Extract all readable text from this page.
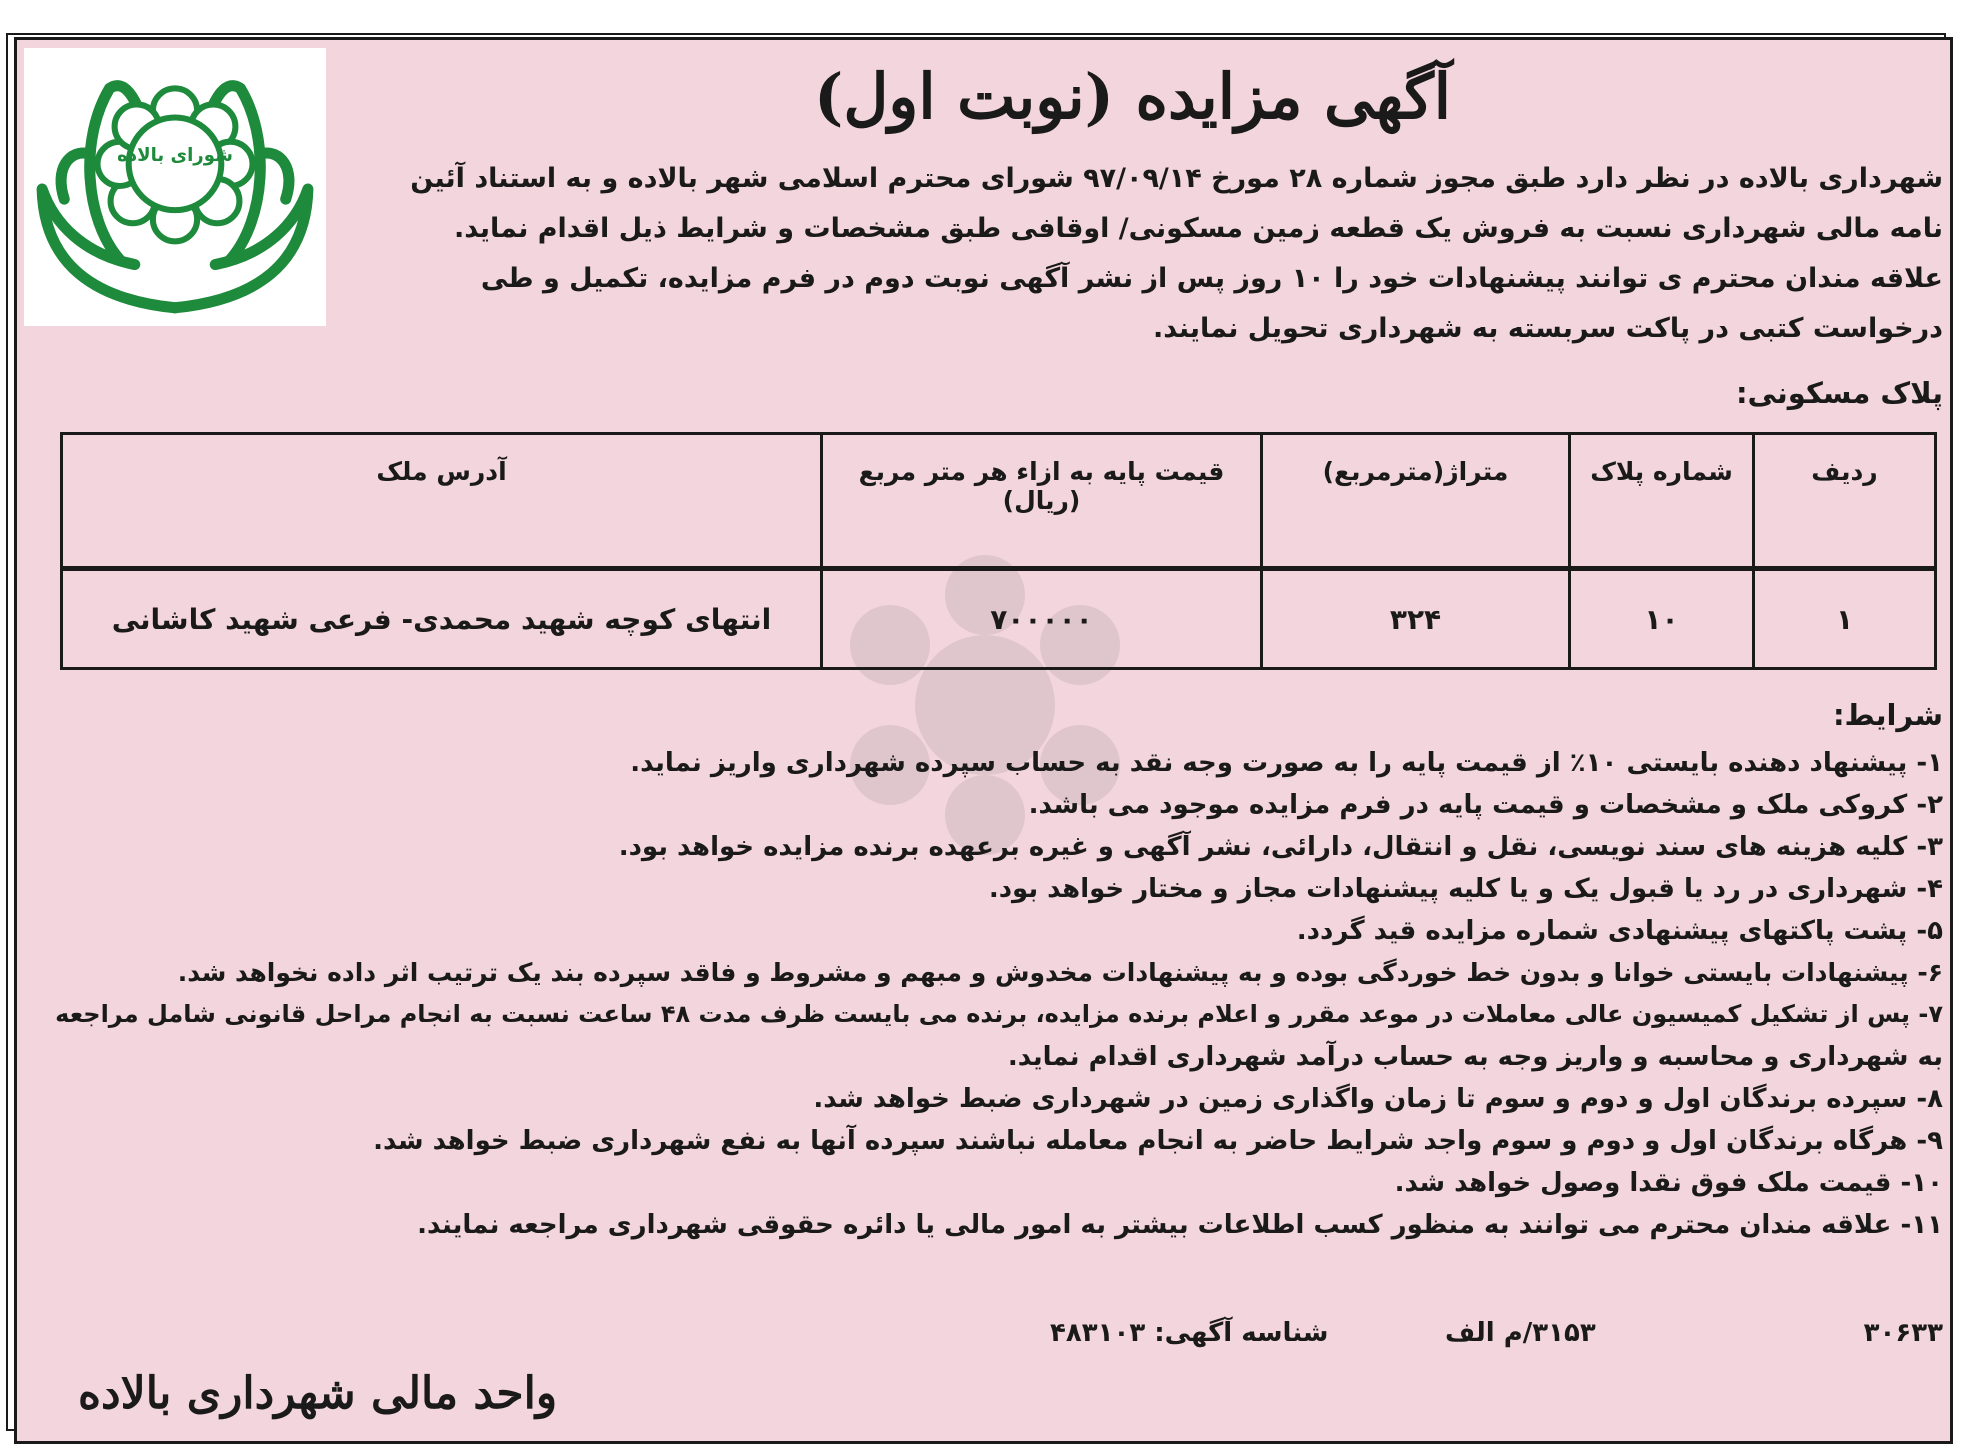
شورای بالاده
آگهی مزایده (نوبت اول)
شهرداری بالاده در نظر دارد طبق مجوز شماره ۲۸ مورخ ۹۷/۰۹/۱۴ شورای محترم اسلامی شهر بالاده و به استناد آئین
نامه مالی شهرداری نسبت به فروش یک قطعه زمین مسکونی/ اوقافی طبق مشخصات و شرایط ذیل اقدام نماید.
علاقه مندان محترم ی توانند پیشنهادات خود را ۱۰ روز پس از نشر آگهی نوبت دوم در فرم مزایده، تکمیل و طی
درخواست کتبی در پاکت سربسته به شهرداری تحویل نمایند.
پلاک مسکونی:
ردیف	شماره پلاک	متراژ(مترمربع)	قیمت پایه به ازاء هر متر مربع (ریال)	آدرس ملک
۱	۱۰	۳۲۴	۷۰۰۰۰۰	انتهای کوچه شهید محمدی- فرعی شهید کاشانی
شرایط:
۱- پیشنهاد دهنده بایستی ۱۰٪ از قیمت پایه را به صورت وجه نقد به حساب سپرده شهرداری واریز نماید.
۲- کروکی ملک و مشخصات و قیمت پایه در فرم مزایده موجود می باشد.
۳- کلیه هزینه های سند نویسی، نقل و انتقال، دارائی، نشر آگهی و غیره برعهده برنده مزایده خواهد بود.
۴- شهرداری در رد یا قبول یک و یا کلیه پیشنهادات مجاز و مختار خواهد بود.
۵- پشت پاکتهای پیشنهادی شماره مزایده قید گردد.
۶- پیشنهادات بایستی خوانا و بدون خط خوردگی بوده و به پیشنهادات مخدوش و مبهم و مشروط و فاقد سپرده بند یک ترتیب اثر داده نخواهد شد.
۷- پس از تشکیل کمیسیون عالی معاملات در موعد مقرر و اعلام برنده مزایده، برنده می بایست ظرف مدت ۴۸ ساعت نسبت به انجام مراحل قانونی شامل مراجعه
به شهرداری و محاسبه و واریز وجه به حساب درآمد شهرداری اقدام نماید.
۸- سپرده برندگان اول و دوم و سوم تا زمان واگذاری زمین در شهرداری ضبط خواهد شد.
۹- هرگاه برندگان اول و دوم و سوم واجد شرایط حاضر به انجام معامله نباشند سپرده آنها به نفع شهرداری ضبط خواهد شد.
۱۰- قیمت ملک فوق نقدا وصول خواهد شد.
۱۱- علاقه مندان محترم می توانند به منظور کسب اطلاعات بیشتر به امور مالی یا دائره حقوقی شهرداری مراجعه نمایند.
۳۰۶۳۳
۳۱۵۳/م الف
شناسه آگهی: ۴۸۳۱۰۳
واحد مالی شهرداری بالاده
